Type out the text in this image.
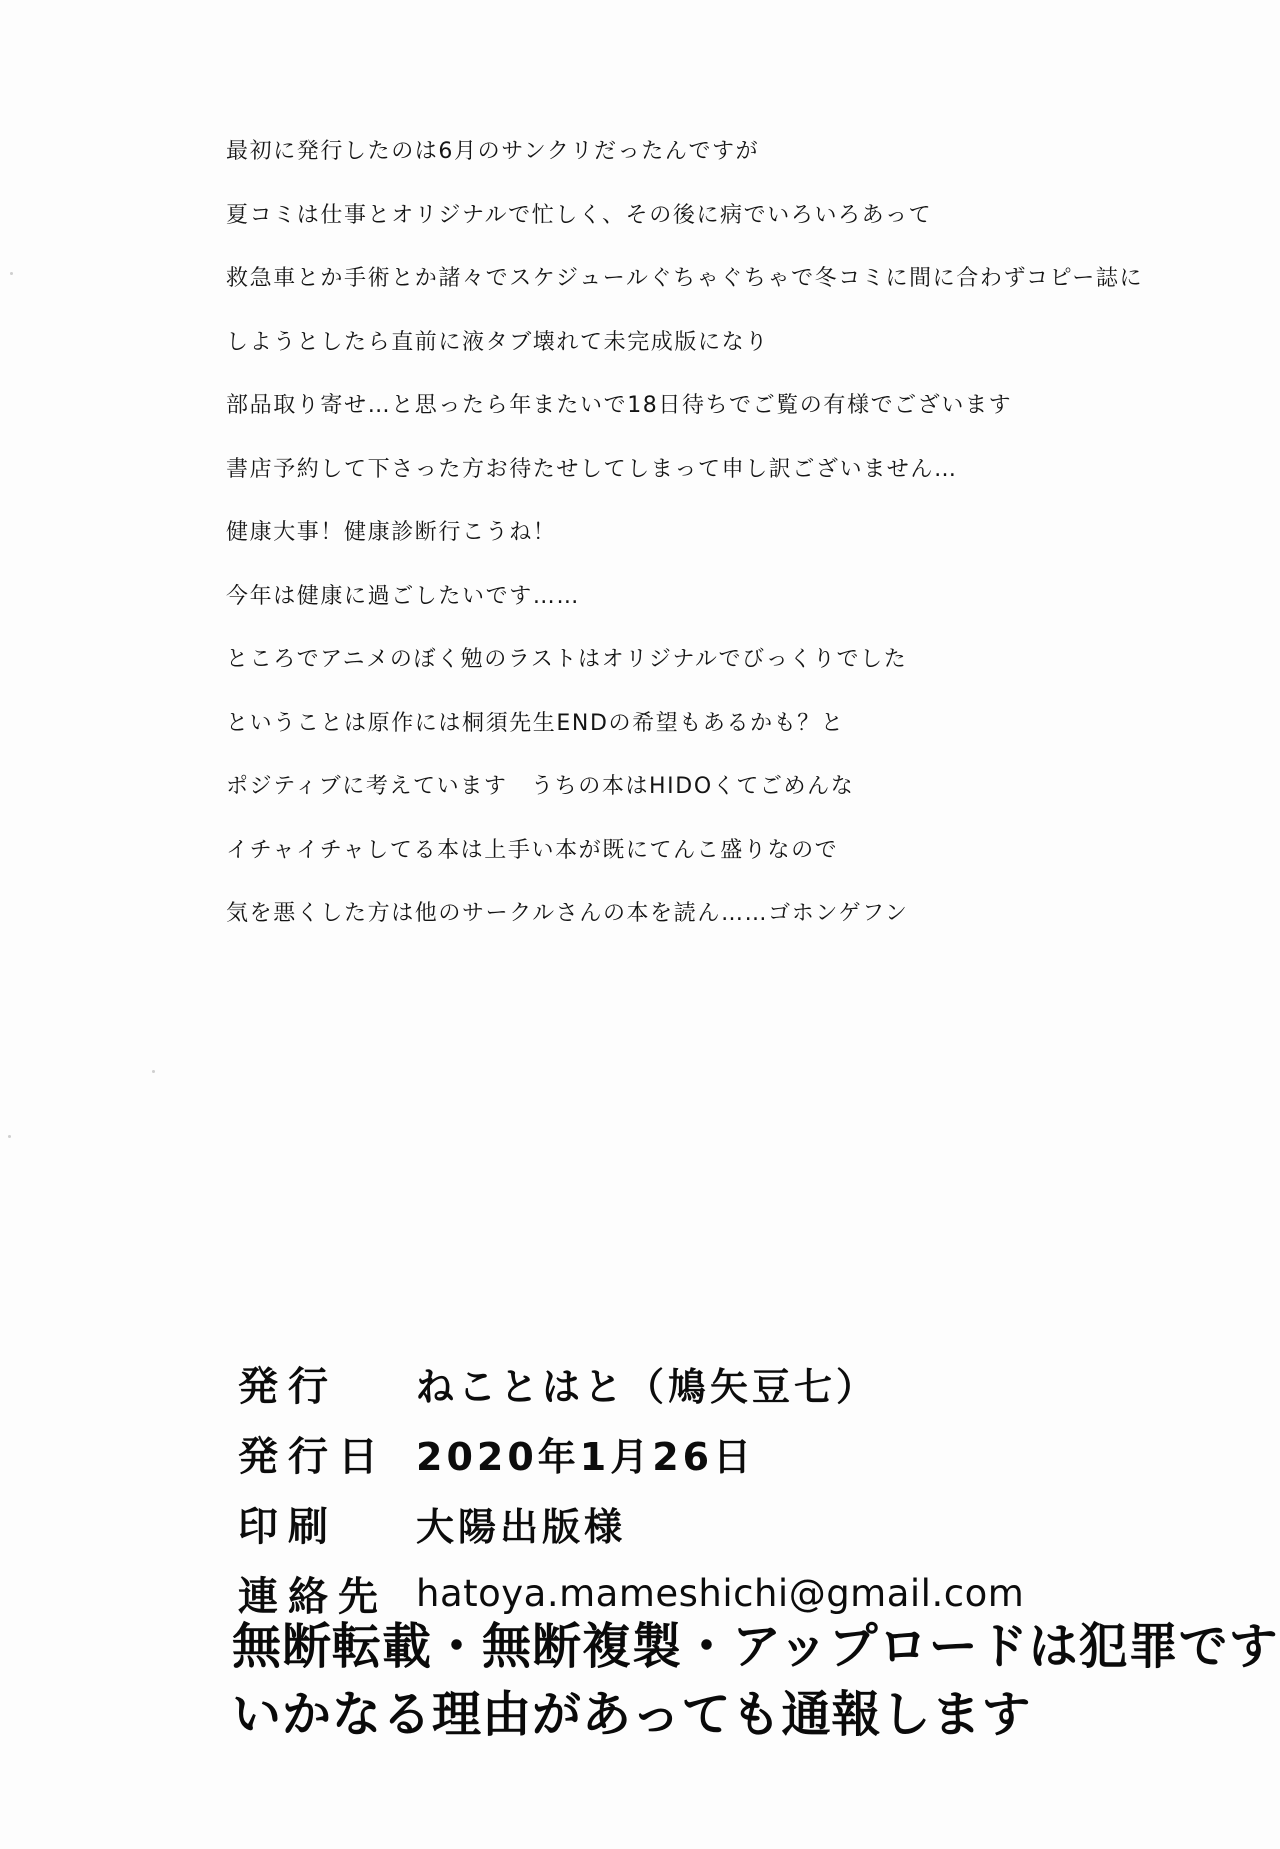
最初に発行したのは6月のサンクリだったんですが
夏コミは仕事とオリジナルで忙しく、その後に病でいろいろあって
救急車とか手術とか諸々でスケジュールぐちゃぐちゃで冬コミに間に合わずコピー誌に
しようとしたら直前に液タブ壊れて未完成版になり
部品取り寄せ…と思ったら年またいで18日待ちでご覧の有様でございます
書店予約して下さった方お待たせしてしまって申し訳ございません…
健康大事！健康診断行こうね！
今年は健康に過ごしたいです……
ところでアニメのぼく勉のラストはオリジナルでびっくりでした
ということは原作には桐須先生ENDの希望もあるかも？と
ポジティブに考えています　うちの本はHIDOくてごめんな
イチャイチャしてる本は上手い本が既にてんこ盛りなので
気を悪くした方は他のサークルさんの本を読ん……ゴホンゲフン
発行	ねことはと（鳩矢豆七）
発行日 2020年1月26日
印刷	大陽出版様
連絡先 hatoya.mameshichi@gmail.com
無断転載・無断複製・アップロードは犯罪です
いかなる理由があっても通報します
